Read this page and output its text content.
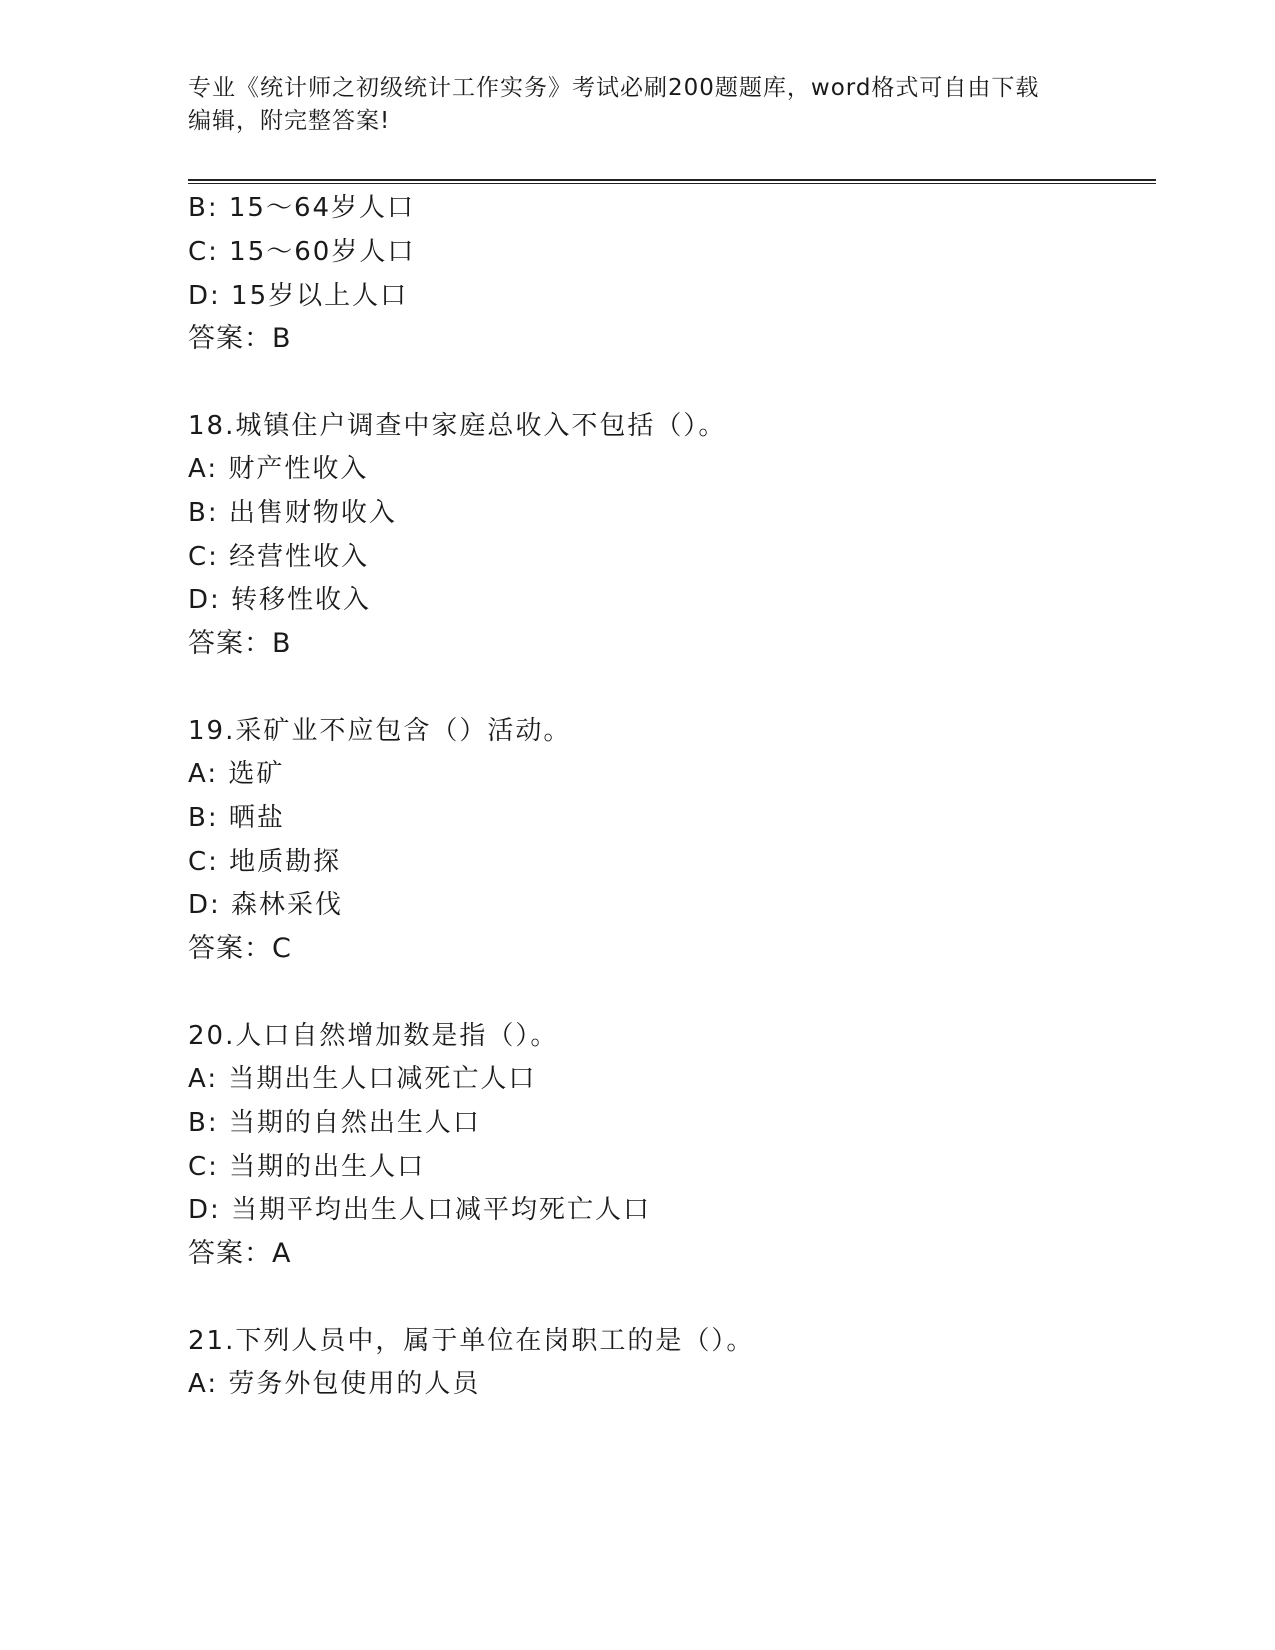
专业《统计师之初级统计工作实务》考试必刷200题题库，word格式可自由下载
编辑，附完整答案!
B: 15～64岁人口
C: 15～60岁人口
D: 15岁以上人口
答案：B
18.城镇住户调查中家庭总收入不包括（）。
A: 财产性收入
B: 出售财物收入
C: 经营性收入
D: 转移性收入
答案：B
19.采矿业不应包含（）活动。
A: 选矿
B: 晒盐
C: 地质勘探
D: 森林采伐
答案：C
20.人口自然增加数是指（）。
A: 当期出生人口减死亡人口
B: 当期的自然出生人口
C: 当期的出生人口
D: 当期平均出生人口减平均死亡人口
答案：A
21.下列人员中，属于单位在岗职工的是（）。
A: 劳务外包使用的人员
